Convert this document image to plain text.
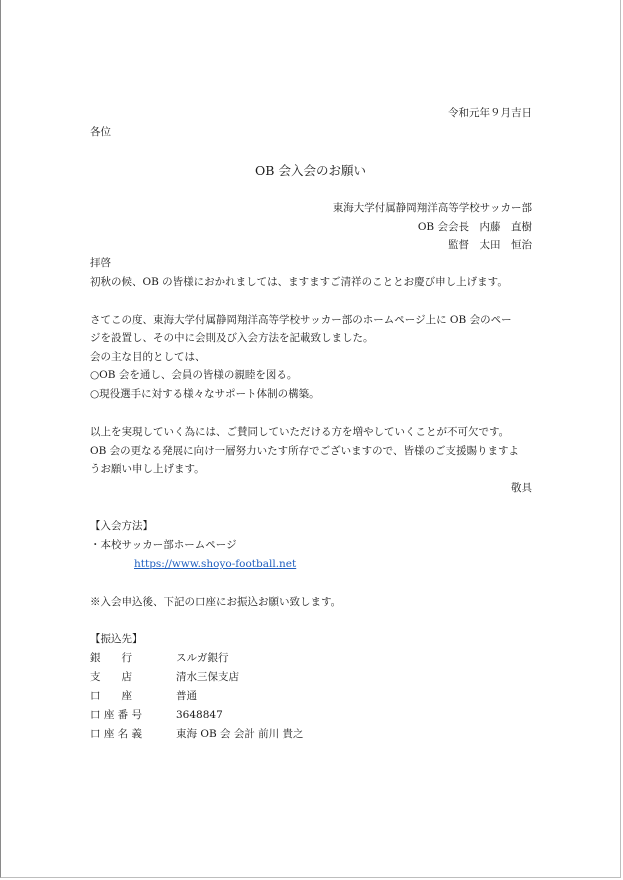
令和元年９月吉日
各位
OB 会入会のお願い
東海大学付属静岡翔洋高等学校サッカー部
OB 会会長　内藤　直樹
監督　太田　恒治
拝啓
初秋の候、OB の皆様におかれましては、ますますご清祥のこととお慶び申し上げます。
さてこの度、東海大学付属静岡翔洋高等学校サッカー部のホームページ上に OB 会のペー
ジを設置し、その中に会則及び入会方法を記載致しました。
会の主な目的としては、
○OB 会を通し、会員の皆様の親睦を図る。
○現役選手に対する様々なサポート体制の構築。
以上を実現していく為には、ご賛同していただける方を増やしていくことが不可欠です。
OB 会の更なる発展に向け一層努力いたす所存でございますので、皆様のご支援賜りますよ
うお願い申し上げます。
敬具
【入会方法】
・本校サッカー部ホームページ
https://www.shoyo-football.net
※入会申込後、下記の口座にお振込お願い致します。
【振込先】
銀　　行	スルガ銀行
支　　店	清水三保支店
口　　座	普通
口 座 番 号	3648847
口 座 名 義	東海 OB 会 会計 前川 貴之
